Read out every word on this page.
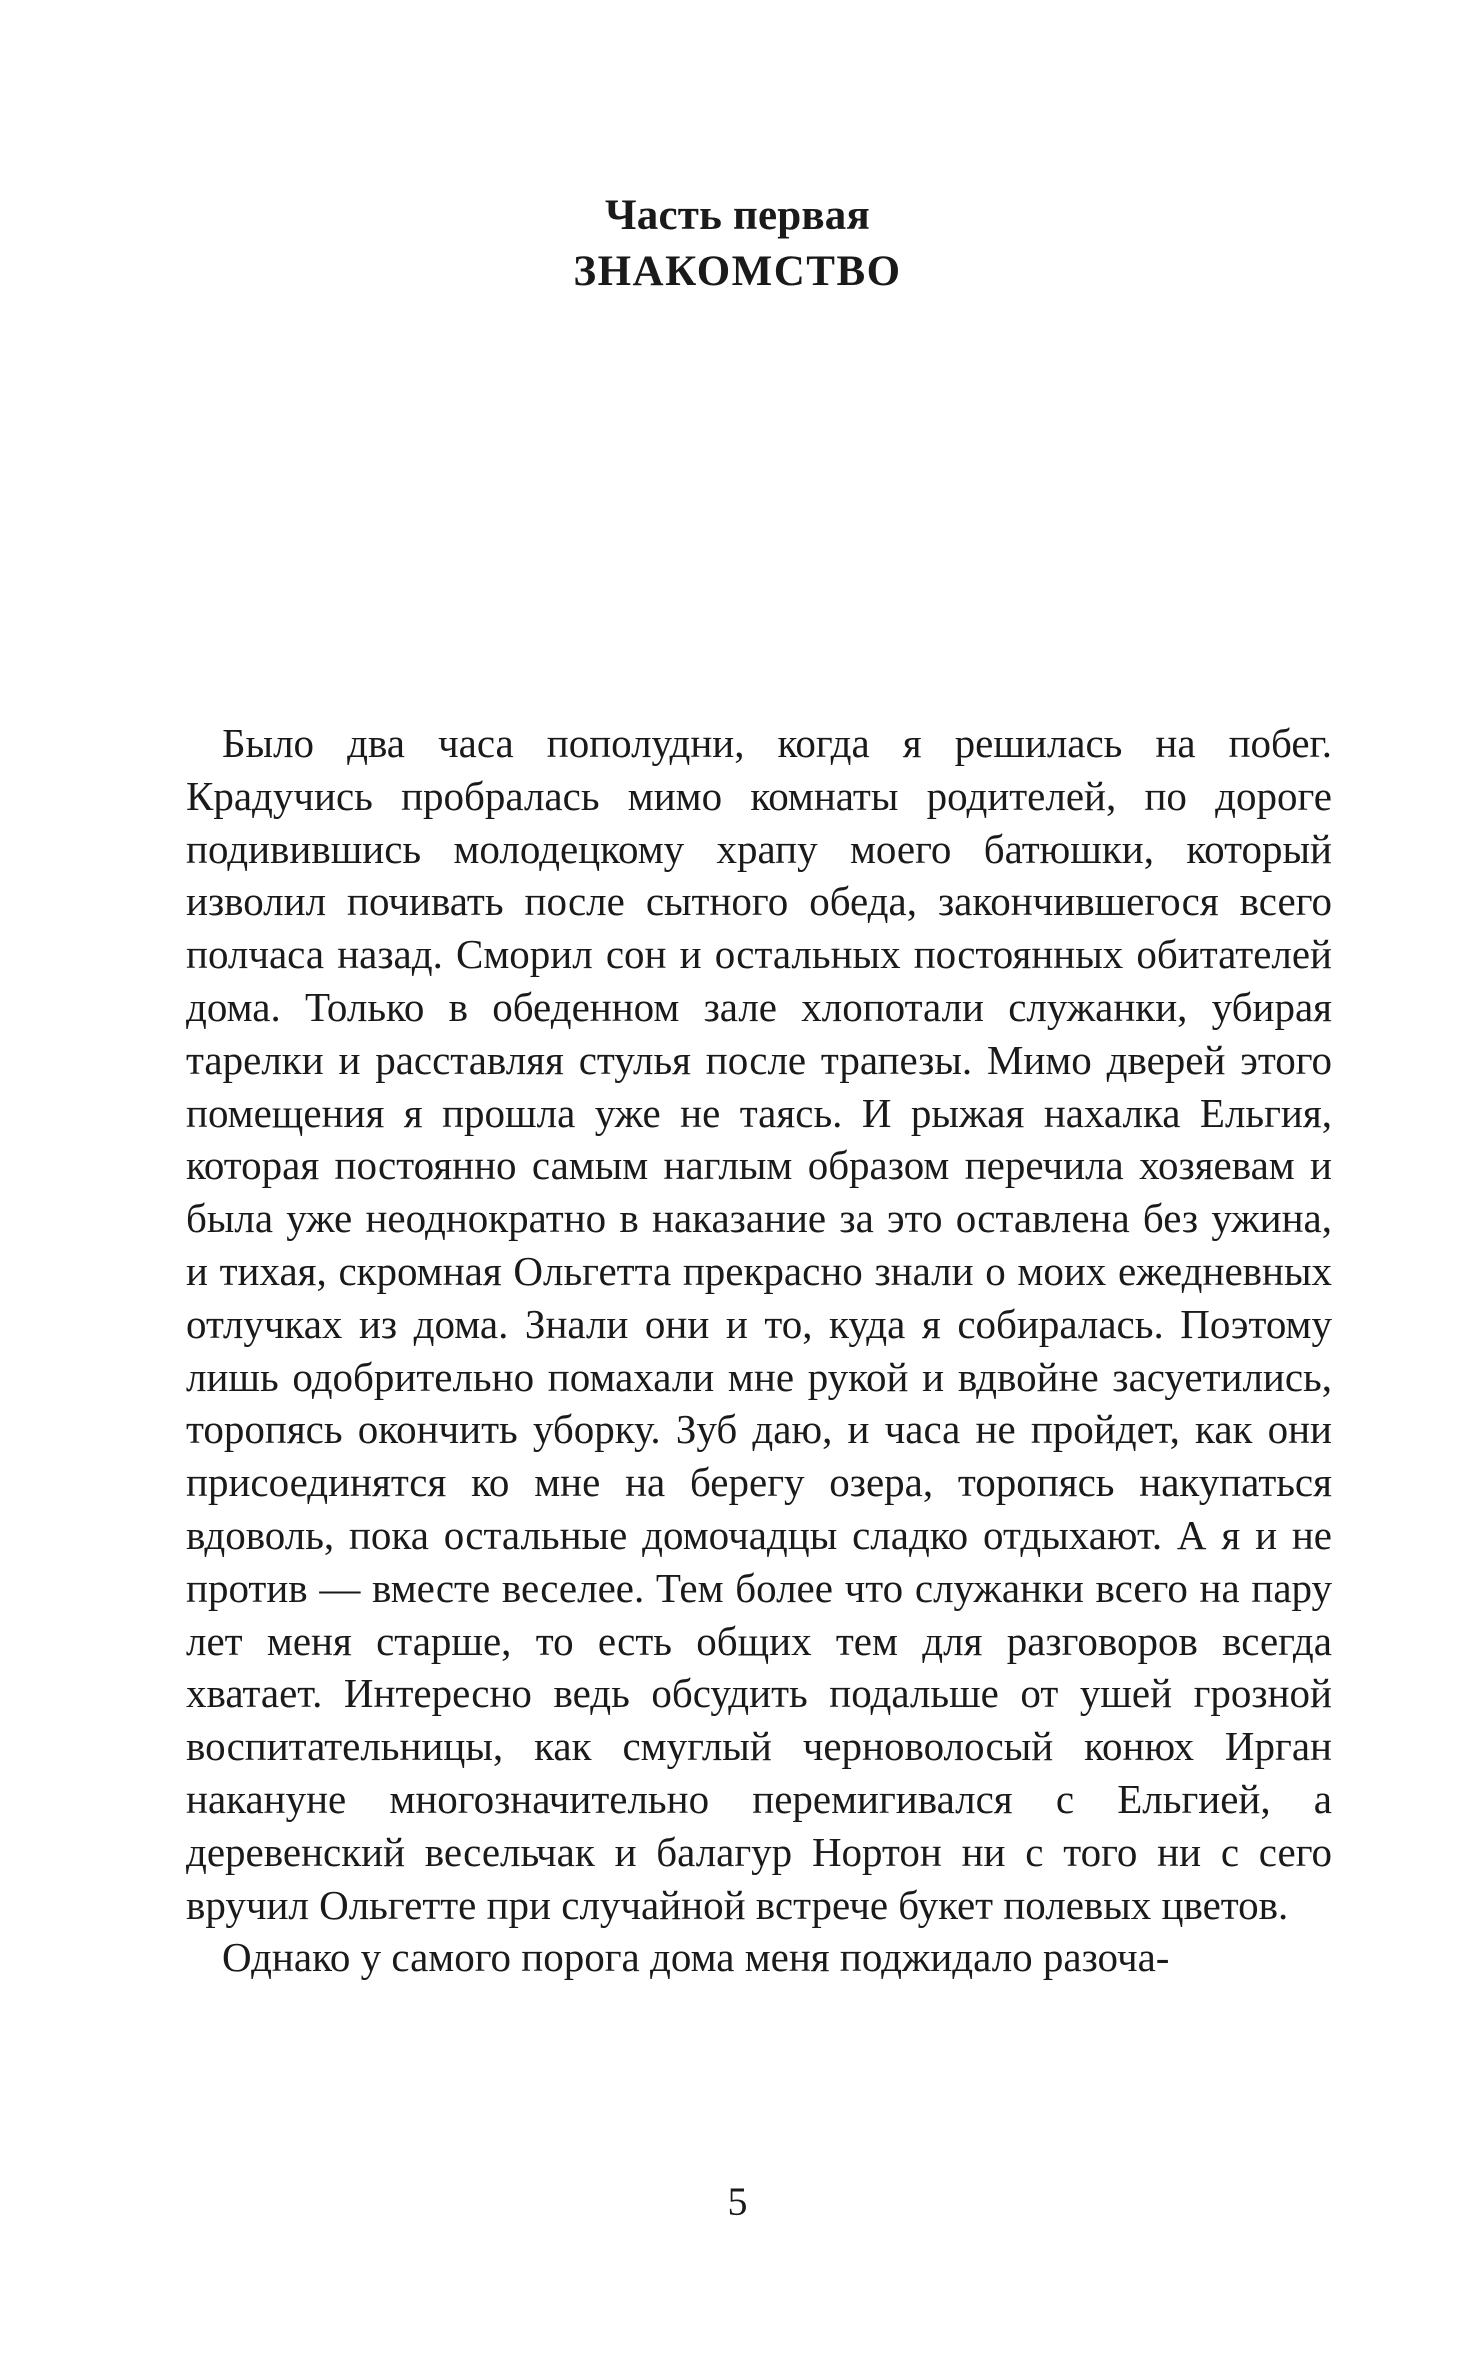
Часть первая
ЗНАКОМСТВО

Было два часа пополудни, когда я решилась на побег. Крадучись пробралась мимо комнаты родителей, по дороге подивившись молодецкому храпу моего батюшки, который изволил почивать после сытного обеда, закончившегося всего полчаса назад. Сморил сон и остальных постоянных обитателей дома. Только в обеденном зале хлопотали служанки, убирая тарелки и расставляя стулья после трапезы. Мимо дверей этого помещения я прошла уже не таясь. И рыжая нахалка Ельгия, которая постоянно самым наглым образом перечила хозяевам и была уже неоднократно в наказание за это оставлена без ужина, и тихая, скромная Ольгетта прекрасно знали о моих ежедневных отлучках из дома. Знали они и то, куда я собиралась. Поэтому лишь одобрительно помахали мне рукой и вдвойне засуетились, торопясь окончить уборку. Зуб даю, и часа не пройдет, как они присоединятся ко мне на берегу озера, торопясь накупаться вдоволь, пока остальные домочадцы сладко отдыхают. А я и не против — вместе веселее. Тем более что служанки всего на пару лет меня старше, то есть общих тем для разговоров всегда хватает. Интересно ведь обсудить подальше от ушей грозной воспитательницы, как смуглый черноволосый конюх Ирган накануне многозначительно перемигивался с Ельгией, а деревенский весельчак и балагур Нортон ни с того ни с сего вручил Ольгетте при случайной встрече букет полевых цветов.

Однако у самого порога дома меня поджидало разоча-

5
